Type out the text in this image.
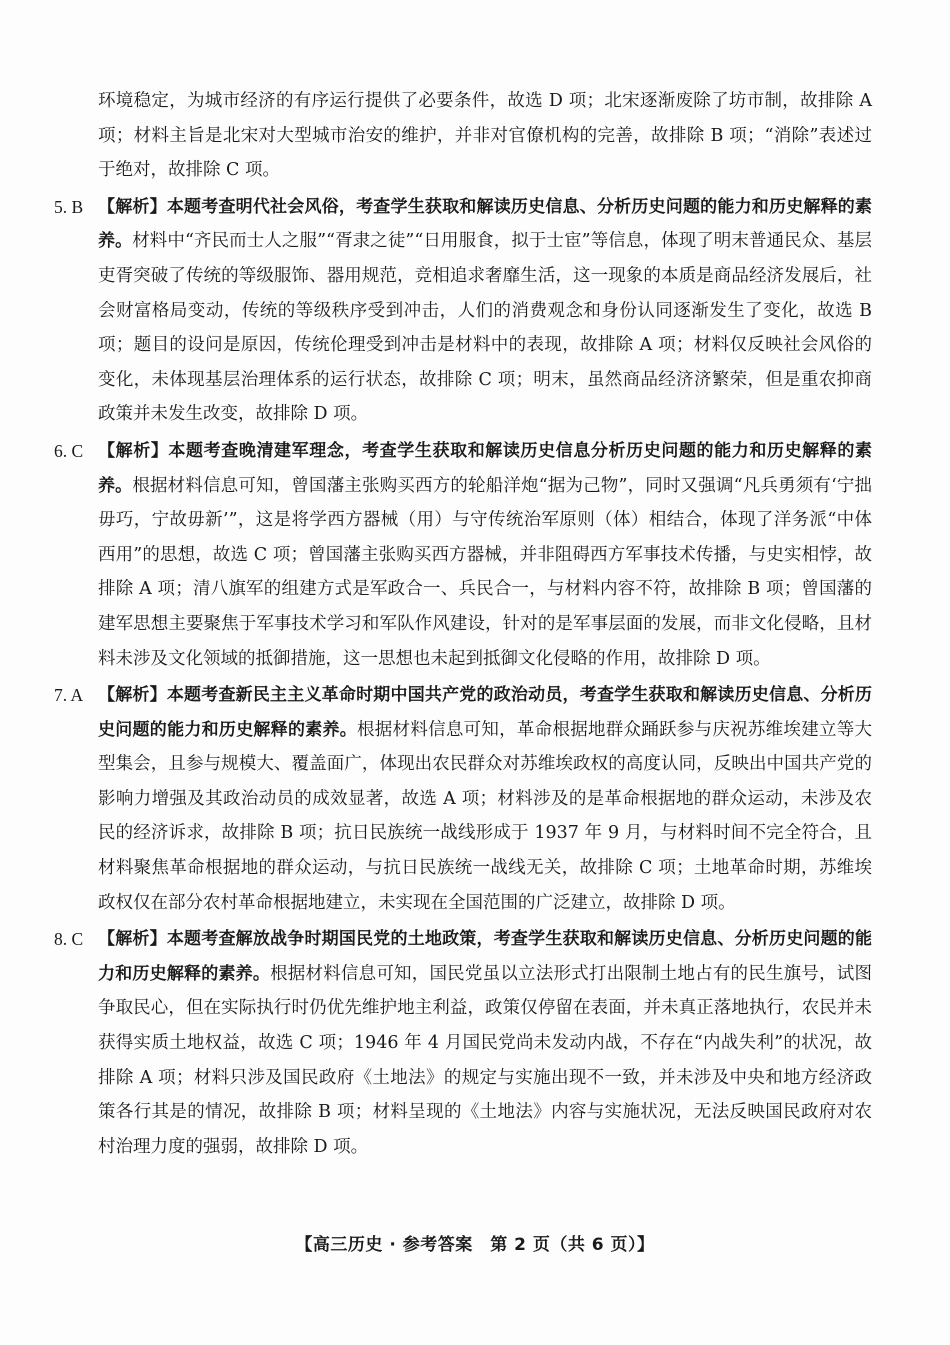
环境稳定，为城市经济的有序运行提供了必要条件，故选 D 项；北宋逐渐废除了坊市制，故排除 A 项；材料主旨是北宋对大型城市治安的维护，并非对官僚机构的完善，故排除 B 项；“消除”表述过于绝对，故排除 C 项。

5. B 【解析】本题考查明代社会风俗，考查学生获取和解读历史信息、分析历史问题的能力和历史解释的素养。材料中“齐民而士人之服”“胥隶之徒”“日用服食，拟于士宦”等信息，体现了明末普通民众、基层吏胥突破了传统的等级服饰、器用规范，竞相追求奢靡生活，这一现象的本质是商品经济发展后，社会财富格局变动，传统的等级秩序受到冲击，人们的消费观念和身份认同逐渐发生了变化，故选 B 项；题目的设问是原因，传统伦理受到冲击是材料中的表现，故排除 A 项；材料仅反映社会风俗的变化，未体现基层治理体系的运行状态，故排除 C 项；明末，虽然商品经济济繁荣，但是重农抑商政策并未发生改变，故排除 D 项。
6. C 【解析】本题考查晚清建军理念，考查学生获取和解读历史信息分析历史问题的能力和历史解释的素养。根据材料信息可知，曾国藩主张购买西方的轮船洋炮“据为己物”，同时又强调“凡兵勇须有‘宁拙毋巧，宁故毋新’”，这是将学西方器械（用）与守传统治军原则（体）相结合，体现了洋务派“中体西用”的思想，故选 C 项；曾国藩主张购买西方器械，并非阻碍西方军事技术传播，与史实相悖，故排除 A 项；清八旗军的组建方式是军政合一、兵民合一，与材料内容不符，故排除 B 项；曾国藩的建军思想主要聚焦于军事技术学习和军队作风建设，针对的是军事层面的发展，而非文化侵略，且材料未涉及文化领域的抵御措施，这一思想也未起到抵御文化侵略的作用，故排除 D 项。
7. A 【解析】本题考查新民主主义革命时期中国共产党的政治动员，考查学生获取和解读历史信息、分析历史问题的能力和历史解释的素养。根据材料信息可知，革命根据地群众踊跃参与庆祝苏维埃建立等大型集会，且参与规模大、覆盖面广，体现出农民群众对苏维埃政权的高度认同，反映出中国共产党的影响力增强及其政治动员的成效显著，故选 A 项；材料涉及的是革命根据地的群众运动，未涉及农民的经济诉求，故排除 B 项；抗日民族统一战线形成于 1937 年 9 月，与材料时间不完全符合，且材料聚焦革命根据地的群众运动，与抗日民族统一战线无关，故排除 C 项；土地革命时期，苏维埃政权仅在部分农村革命根据地建立，未实现在全国范围的广泛建立，故排除 D 项。
8. C 【解析】本题考查解放战争时期国民党的土地政策，考查学生获取和解读历史信息、分析历史问题的能力和历史解释的素养。根据材料信息可知，国民党虽以立法形式打出限制土地占有的民生旗号，试图争取民心，但在实际执行时仍优先维护地主利益，政策仅停留在表面，并未真正落地执行，农民并未获得实质土地权益，故选 C 项；1946 年 4 月国民党尚未发动内战，不存在“内战失利”的状况，故排除 A 项；材料只涉及国民政府《土地法》的规定与实施出现不一致，并未涉及中央和地方经济政策各行其是的情况，故排除 B 项；材料呈现的《土地法》内容与实施状况，无法反映国民政府对农村治理力度的强弱，故排除 D 项。
【高三历史 · 参考答案　第 2 页（共 6 页）】
